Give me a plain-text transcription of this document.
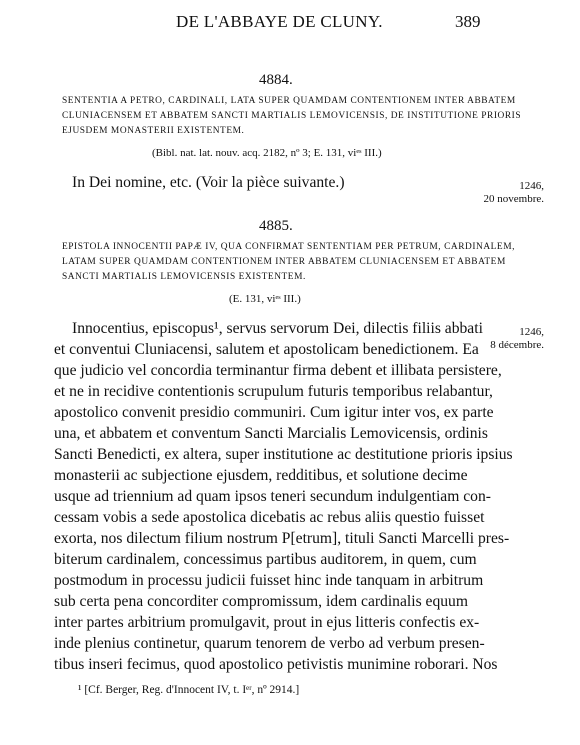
DE L'ABBAYE DE CLUNY.	389
4884.
SENTENTIA A PETRO, CARDINALI, LATA SUPER QUAMDAM CONTENTIONEM INTER ABBATEM
CLUNIACENSEM ET ABBATEM SANCTI MARTIALIS LEMOVICENSIS, DE INSTITUTIONE PRIORIS
EJUSDEM MONASTERII EXISTENTEM.
(Bibl. nat. lat. nouv. acq. 2182, nº 3; E. 131, viᵉˢ III.)
In Dei nomine, etc. (Voir la pièce suivante.)	1246,
20 novembre.
4885.
EPISTOLA INNOCENTII PAPÆ IV, QUA CONFIRMAT SENTENTIAM PER PETRUM, CARDINALEM,
LATAM SUPER QUAMDAM CONTENTIONEM INTER ABBATEM CLUNIACENSEM ET ABBATEM
SANCTI MARTIALIS LEMOVICENSIS EXISTENTEM.
(E. 131, viᵉˢ III.)
1246,
8 décembre.
Innocentius, episcopus¹, servus servorum Dei, dilectis filiis abbati
et conventui Cluniacensi, salutem et apostolicam benedictionem. Ea
que judicio vel concordia terminantur firma debent et illibata persistere,
et ne in recidive contentionis scrupulum futuris temporibus relabantur,
apostolico convenit presidio communiri. Cum igitur inter vos, ex parte
una, et abbatem et conventum Sancti Marcialis Lemovicensis, ordinis
Sancti Benedicti, ex altera, super institutione ac destitutione prioris ipsius
monasterii ac subjectione ejusdem, redditibus, et solutione decime
usque ad triennium ad quam ipsos teneri secundum indulgentiam con-
cessam vobis a sede apostolica dicebatis ac rebus aliis questio fuisset
exorta, nos dilectum filium nostrum P[etrum], tituli Sancti Marcelli pres-
biterum cardinalem, concessimus partibus auditorem, in quem, cum
postmodum in processu judicii fuisset hinc inde tanquam in arbitrum
sub certa pena concorditer compromissum, idem cardinalis equum
inter partes arbitrium promulgavit, prout in ejus litteris confectis ex-
inde plenius continetur, quarum tenorem de verbo ad verbum presen-
tibus inseri fecimus, quod apostolico petivistis munimine roborari. Nos
¹ [Cf. Berger, Reg. d'Innocent IV, t. Iᵉʳ, nº 2914.]
